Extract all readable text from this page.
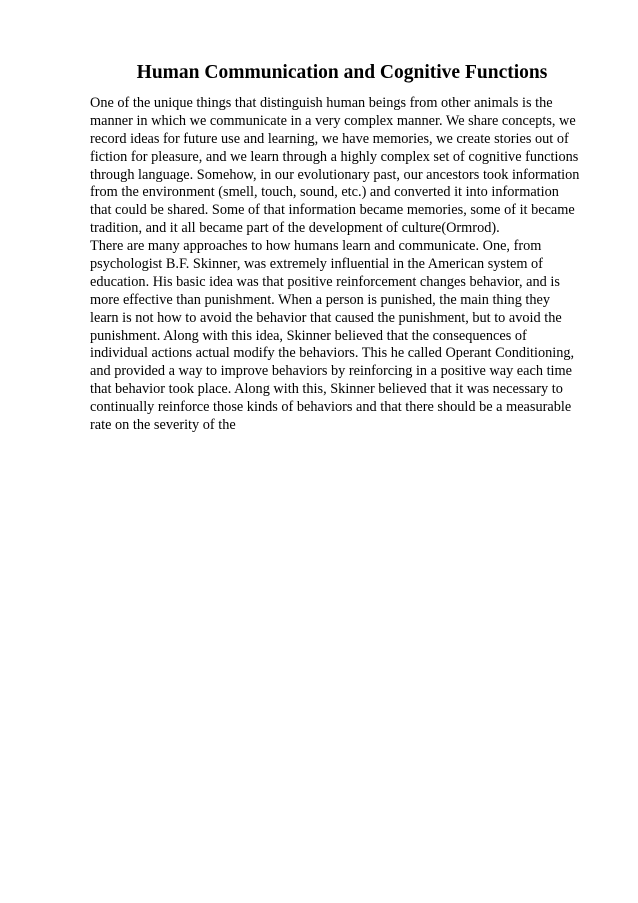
Human Communication and Cognitive Functions

One of the unique things that distinguish human beings from other animals is the

manner in which we communicate in a very complex manner. We share concepts, we

record ideas for future use and learning, we have memories, we create stories out of

fiction for pleasure, and we learn through a highly complex set of cognitive functions

through language. Somehow, in our evolutionary past, our ancestors took information

from the environment (smell, touch, sound, etc.) and converted it into information

that could be shared. Some of that information became memories, some of it became

tradition, and it all became part of the development of culture(Ormrod).

There are many approaches to how humans learn and communicate. One, from

psychologist B.F. Skinner, was extremely influential in the American system of

education. His basic idea was that positive reinforcement changes behavior, and is

more effective than punishment. When a person is punished, the main thing they

learn is not how to avoid the behavior that caused the punishment, but to avoid the

punishment. Along with this idea, Skinner believed that the consequences of

individual actions actual modify the behaviors. This he called Operant Conditioning,

and provided a way to improve behaviors by reinforcing in a positive way each time

that behavior took place. Along with this, Skinner believed that it was necessary to

continually reinforce those kinds of behaviors and that there should be a measurable

rate on the severity of the
